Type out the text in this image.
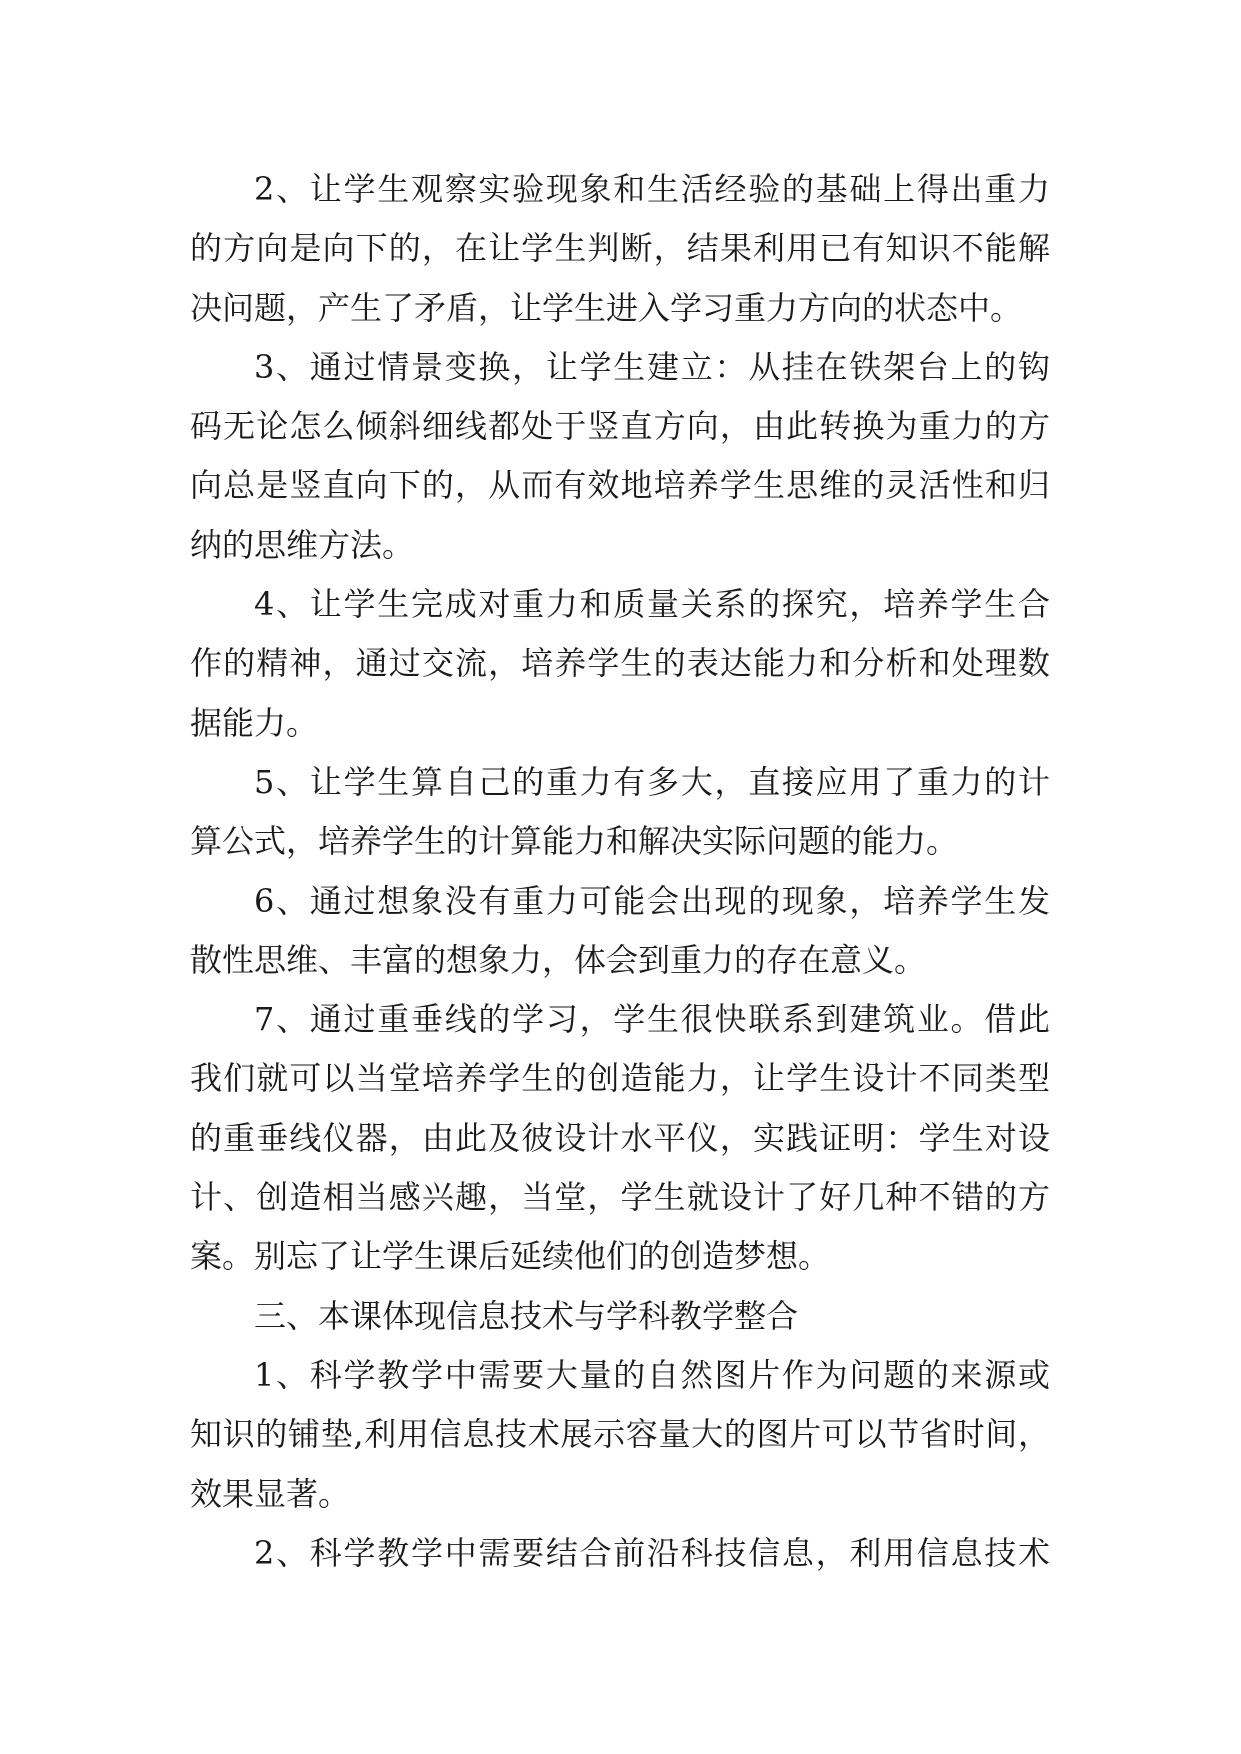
2、让学生观察实验现象和生活经验的基础上得出重力
的方向是向下的，在让学生判断，结果利用已有知识不能解
决问题，产生了矛盾，让学生进入学习重力方向的状态中。
3、通过情景变换，让学生建立：从挂在铁架台上的钩
码无论怎么倾斜细线都处于竖直方向，由此转换为重力的方
向总是竖直向下的，从而有效地培养学生思维的灵活性和归
纳的思维方法。
4、让学生完成对重力和质量关系的探究，培养学生合
作的精神，通过交流，培养学生的表达能力和分析和处理数
据能力。
5、让学生算自己的重力有多大，直接应用了重力的计
算公式，培养学生的计算能力和解决实际问题的能力。
6、通过想象没有重力可能会出现的现象，培养学生发
散性思维、丰富的想象力，体会到重力的存在意义。
7、通过重垂线的学习，学生很快联系到建筑业。借此
我们就可以当堂培养学生的创造能力，让学生设计不同类型
的重垂线仪器，由此及彼设计水平仪，实践证明：学生对设
计、创造相当感兴趣，当堂，学生就设计了好几种不错的方
案。别忘了让学生课后延续他们的创造梦想。
三、本课体现信息技术与学科教学整合
1、科学教学中需要大量的自然图片作为问题的来源或
知识的铺垫,利用信息技术展示容量大的图片可以节省时间，
效果显著。
2、科学教学中需要结合前沿科技信息，利用信息技术
